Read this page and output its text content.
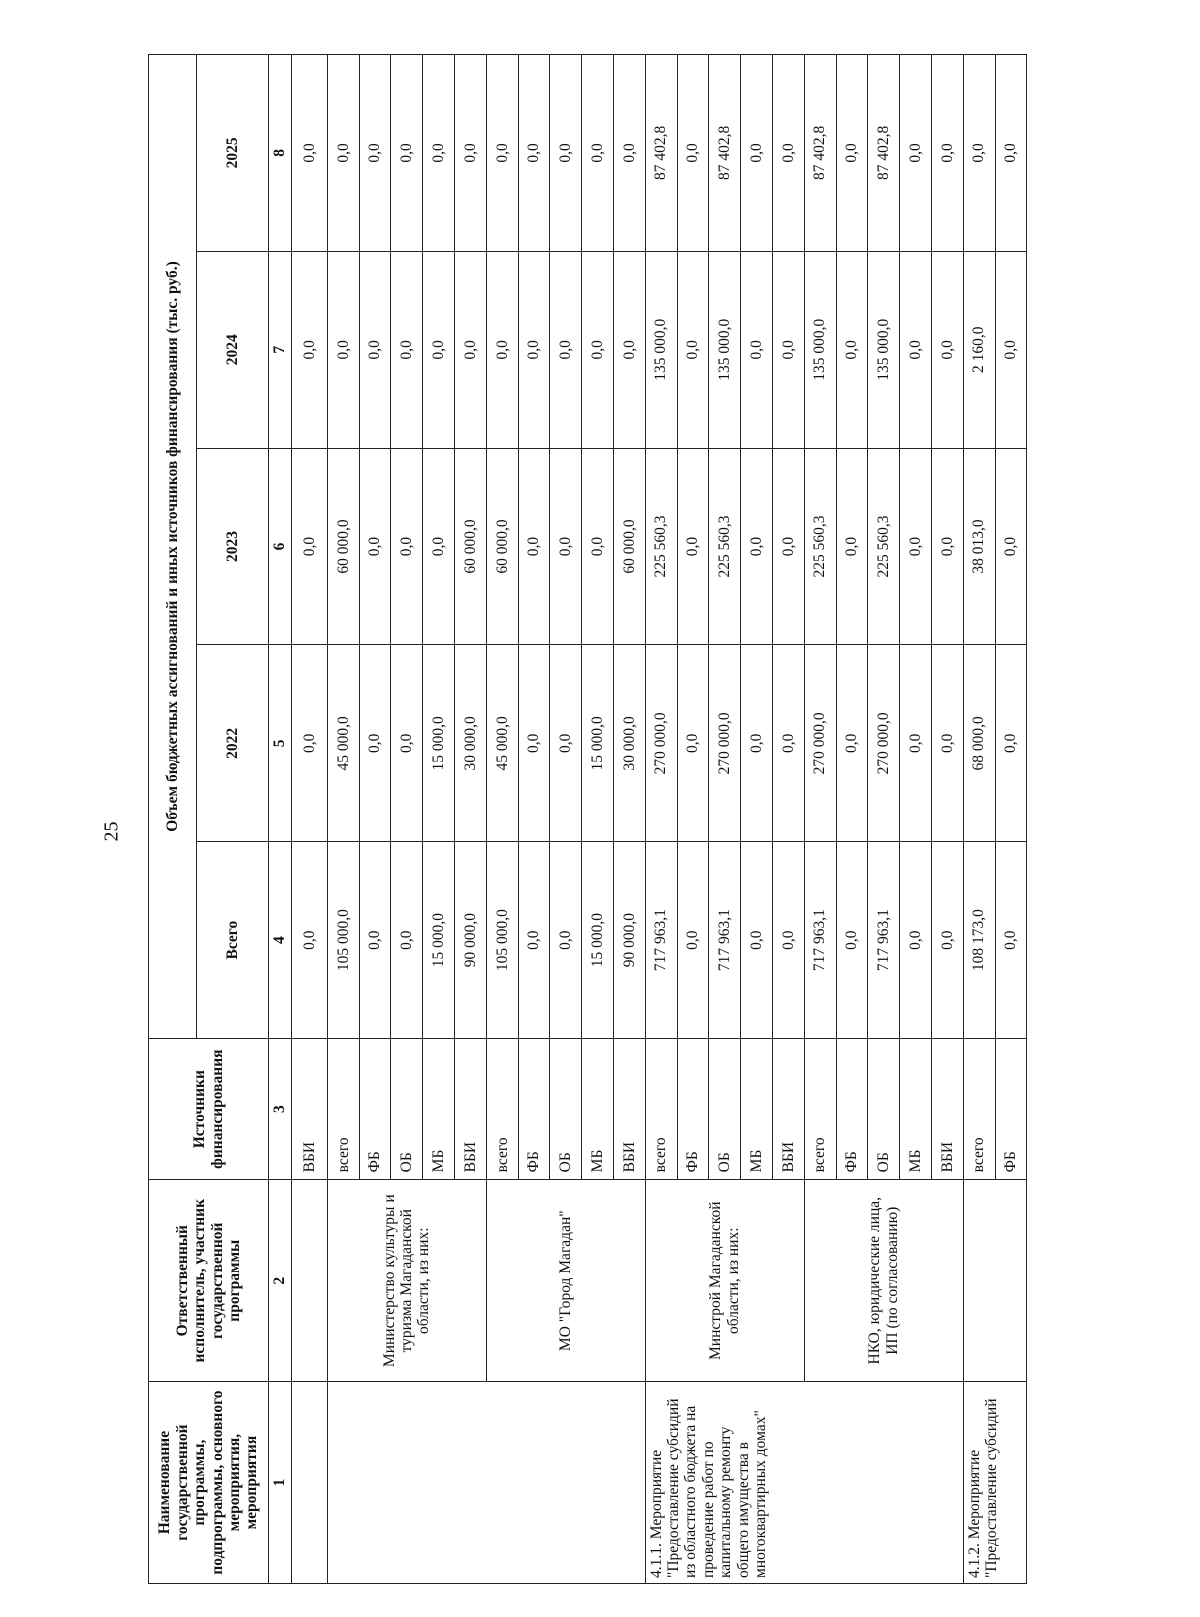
25
Наименование государственной программы, подпрограммы, основного мероприятия, мероприятия	Ответственный исполнитель, участник государственной программы	Источники финансирования	Объем бюджетных ассигнований и иных источников финансирования (тыс. руб.)				
			Всего	2022	2023	2024	2025
1	2	3	4	5	6	7	8
		ВБИ	0,0	0,0	0,0	0,0	0,0
	Министерство культуры и туризма Магаданской области, из них:	всего	105 000,0	45 000,0	60 000,0	0,0	0,0
		ФБ	0,0	0,0	0,0	0,0	0,0
		ОБ	0,0	0,0	0,0	0,0	0,0
		МБ	15 000,0	15 000,0	0,0	0,0	0,0
		ВБИ	90 000,0	30 000,0	60 000,0	0,0	0,0
	МО "Город Магадан"	всего	105 000,0	45 000,0	60 000,0	0,0	0,0
		ФБ	0,0	0,0	0,0	0,0	0,0
		ОБ	0,0	0,0	0,0	0,0	0,0
		МБ	15 000,0	15 000,0	0,0	0,0	0,0
		ВБИ	90 000,0	30 000,0	60 000,0	0,0	0,0
4.1.1. Мероприятие "Предоставление субсидий из областного бюджета на проведение работ по капитальному ремонту общего имущества в многоквартирных домах"	Минстрой Магаданской области, из них:	всего	717 963,1	270 000,0	225 560,3	135 000,0	87 402,8
		ФБ	0,0	0,0	0,0	0,0	0,0
		ОБ	717 963,1	270 000,0	225 560,3	135 000,0	87 402,8
		МБ	0,0	0,0	0,0	0,0	0,0
		ВБИ	0,0	0,0	0,0	0,0	0,0
	НКО, юридические лица, ИП (по согласованию)	всего	717 963,1	270 000,0	225 560,3	135 000,0	87 402,8
		ФБ	0,0	0,0	0,0	0,0	0,0
		ОБ	717 963,1	270 000,0	225 560,3	135 000,0	87 402,8
		МБ	0,0	0,0	0,0	0,0	0,0
		ВБИ	0,0	0,0	0,0	0,0	0,0
4.1.2. Мероприятие "Предоставление субсидий		всего	108 173,0	68 000,0	38 013,0	2 160,0	0,0
		ФБ	0,0	0,0	0,0	0,0	0,0
